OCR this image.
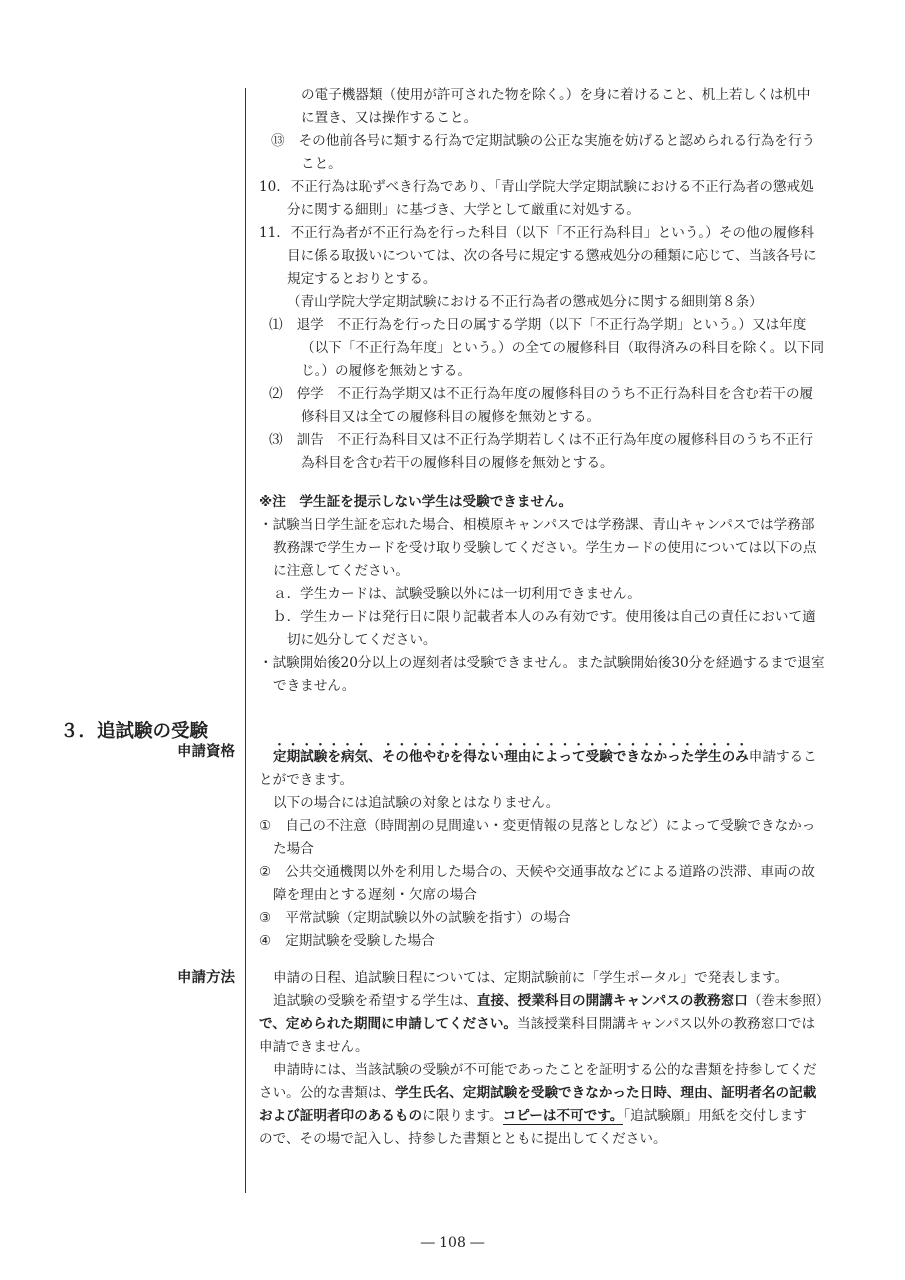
の電子機器類（使用が許可された物を除く。）を身に着けること、机上若しくは机中
に置き、又は操作すること。
⑬ その他前各号に類する行為で定期試験の公正な実施を妨げると認められる行為を行う
こと。
10. 不正行為は恥ずべき行為であり、「青山学院大学定期試験における不正行為者の懲戒処
分に関する細則」に基づき、大学として厳重に対処する。
11. 不正行為者が不正行為を行った科目（以下「不正行為科目」という。）その他の履修科
目に係る取扱いについては、次の各号に規定する懲戒処分の種類に応じて、当該各号に
規定するとおりとする。
（青山学院大学定期試験における不正行為者の懲戒処分に関する細則第８条）
⑴ 退学　不正行為を行った日の属する学期（以下「不正行為学期」という。）又は年度
（以下「不正行為年度」という。）の全ての履修科目（取得済みの科目を除く。以下同
じ。）の履修を無効とする。
⑵ 停学　不正行為学期又は不正行為年度の履修科目のうち不正行為科目を含む若干の履
修科目又は全ての履修科目の履修を無効とする。
⑶ 訓告　不正行為科目又は不正行為学期若しくは不正行為年度の履修科目のうち不正行
為科目を含む若干の履修科目の履修を無効とする。
※注　学生証を提示しない学生は受験できません。
・試験当日学生証を忘れた場合、相模原キャンパスでは学務課、青山キャンパスでは学務部
教務課で学生カードを受け取り受験してください。学生カードの使用については以下の点
に注意してください。
ａ．学生カードは、試験受験以外には一切利用できません。
ｂ．学生カードは発行日に限り記載者本人のみ有効です。使用後は自己の責任において適
切に処分してください。
・試験開始後20分以上の遅刻者は受験できません。また試験開始後30分を経過するまで退室
できません。
３．追試験の受験
申請資格	定期試験を病気、その他やむを得ない理由によって受験できなかった学生のみ申請するこ
とができます。
以下の場合には追試験の対象とはなりません。
① 自己の不注意（時間割の見間違い・変更情報の見落としなど）によって受験できなかっ
た場合
② 公共交通機関以外を利用した場合の、天候や交通事故などによる道路の渋滞、車両の故
障を理由とする遅刻・欠席の場合
③ 平常試験（定期試験以外の試験を指す）の場合
④ 定期試験を受験した場合
申請方法	申請の日程、追試験日程については、定期試験前に「学生ポータル」で発表します。
追試験の受験を希望する学生は、直接、授業科目の開講キャンパスの教務窓口（巻末参照）
で、定められた期間に申請してください。当該授業科目開講キャンパス以外の教務窓口では
申請できません。
申請時には、当該試験の受験が不可能であったことを証明する公的な書類を持参してくだ
さい。公的な書類は、学生氏名、定期試験を受験できなかった日時、理由、証明者名の記載
および証明者印のあるものに限ります。コピーは不可です。「追試験願」用紙を交付します
ので、その場で記入し、持参した書類とともに提出してください。
― 108 ―
